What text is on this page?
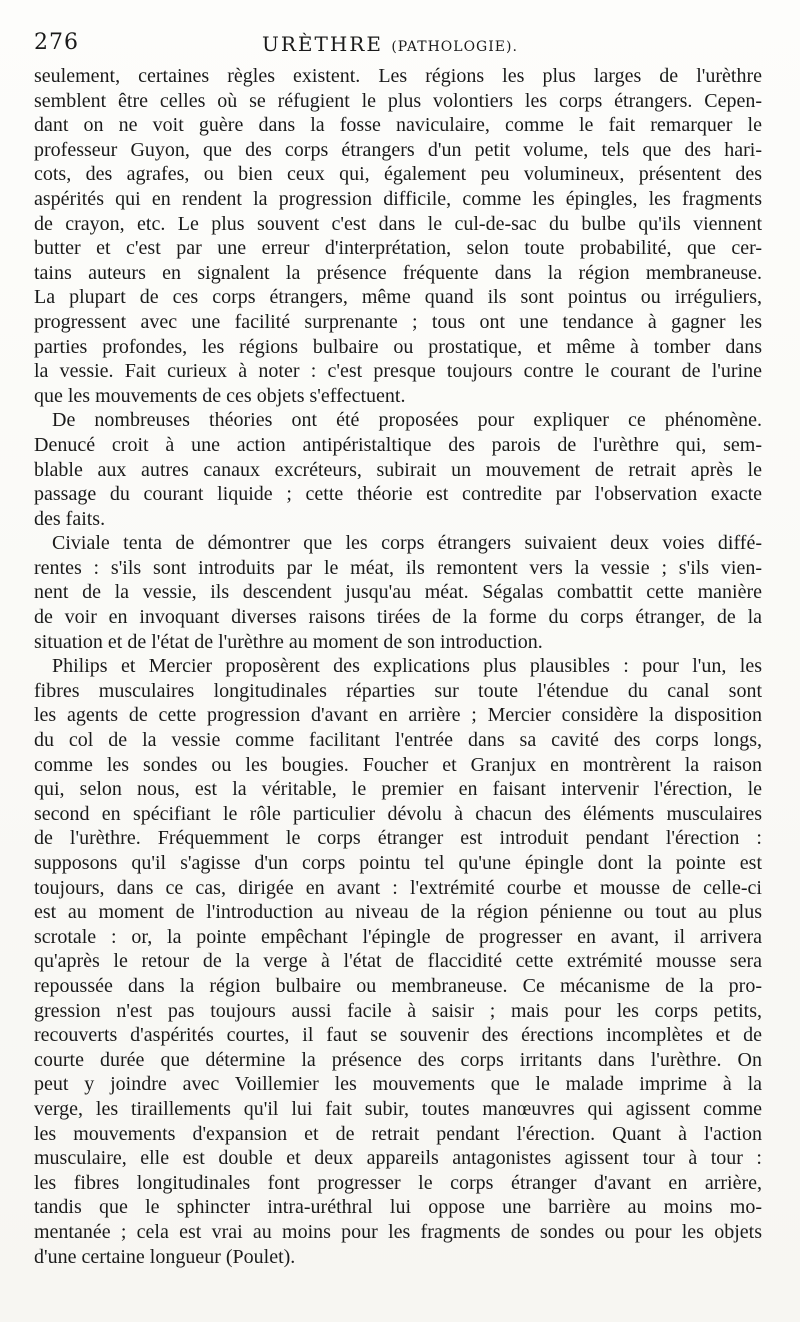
276	URÈTHRE (PATHOLOGIE).
seulement, certaines règles existent. Les régions les plus larges de l'urèthre
semblent être celles où se réfugient le plus volontiers les corps étrangers. Cepen-
dant on ne voit guère dans la fosse naviculaire, comme le fait remarquer le
professeur Guyon, que des corps étrangers d'un petit volume, tels que des hari-
cots, des agrafes, ou bien ceux qui, également peu volumineux, présentent des
aspérités qui en rendent la progression difficile, comme les épingles, les fragments
de crayon, etc. Le plus souvent c'est dans le cul-de-sac du bulbe qu'ils viennent
butter et c'est par une erreur d'interprétation, selon toute probabilité, que cer-
tains auteurs en signalent la présence fréquente dans la région membraneuse.
La plupart de ces corps étrangers, même quand ils sont pointus ou irréguliers,
progressent avec une facilité surprenante ; tous ont une tendance à gagner les
parties profondes, les régions bulbaire ou prostatique, et même à tomber dans
la vessie. Fait curieux à noter : c'est presque toujours contre le courant de l'urine
que les mouvements de ces objets s'effectuent.
De nombreuses théories ont été proposées pour expliquer ce phénomène.
Denucé croit à une action antipéristaltique des parois de l'urèthre qui, sem-
blable aux autres canaux excréteurs, subirait un mouvement de retrait après le
passage du courant liquide ; cette théorie est contredite par l'observation exacte
des faits.
Civiale tenta de démontrer que les corps étrangers suivaient deux voies diffé-
rentes : s'ils sont introduits par le méat, ils remontent vers la vessie ; s'ils vien-
nent de la vessie, ils descendent jusqu'au méat. Ségalas combattit cette manière
de voir en invoquant diverses raisons tirées de la forme du corps étranger, de la
situation et de l'état de l'urèthre au moment de son introduction.
Philips et Mercier proposèrent des explications plus plausibles : pour l'un, les
fibres musculaires longitudinales réparties sur toute l'étendue du canal sont
les agents de cette progression d'avant en arrière ; Mercier considère la disposition
du col de la vessie comme facilitant l'entrée dans sa cavité des corps longs,
comme les sondes ou les bougies. Foucher et Granjux en montrèrent la raison
qui, selon nous, est la véritable, le premier en faisant intervenir l'érection, le
second en spécifiant le rôle particulier dévolu à chacun des éléments musculaires
de l'urèthre. Fréquemment le corps étranger est introduit pendant l'érection :
supposons qu'il s'agisse d'un corps pointu tel qu'une épingle dont la pointe est
toujours, dans ce cas, dirigée en avant : l'extrémité courbe et mousse de celle-ci
est au moment de l'introduction au niveau de la région pénienne ou tout au plus
scrotale : or, la pointe empêchant l'épingle de progresser en avant, il arrivera
qu'après le retour de la verge à l'état de flaccidité cette extrémité mousse sera
repoussée dans la région bulbaire ou membraneuse. Ce mécanisme de la pro-
gression n'est pas toujours aussi facile à saisir ; mais pour les corps petits,
recouverts d'aspérités courtes, il faut se souvenir des érections incomplètes et de
courte durée que détermine la présence des corps irritants dans l'urèthre. On
peut y joindre avec Voillemier les mouvements que le malade imprime à la
verge, les tiraillements qu'il lui fait subir, toutes manœuvres qui agissent comme
les mouvements d'expansion et de retrait pendant l'érection. Quant à l'action
musculaire, elle est double et deux appareils antagonistes agissent tour à tour :
les fibres longitudinales font progresser le corps étranger d'avant en arrière,
tandis que le sphincter intra-uréthral lui oppose une barrière au moins mo-
mentanée ; cela est vrai au moins pour les fragments de sondes ou pour les objets
d'une certaine longueur (Poulet).
